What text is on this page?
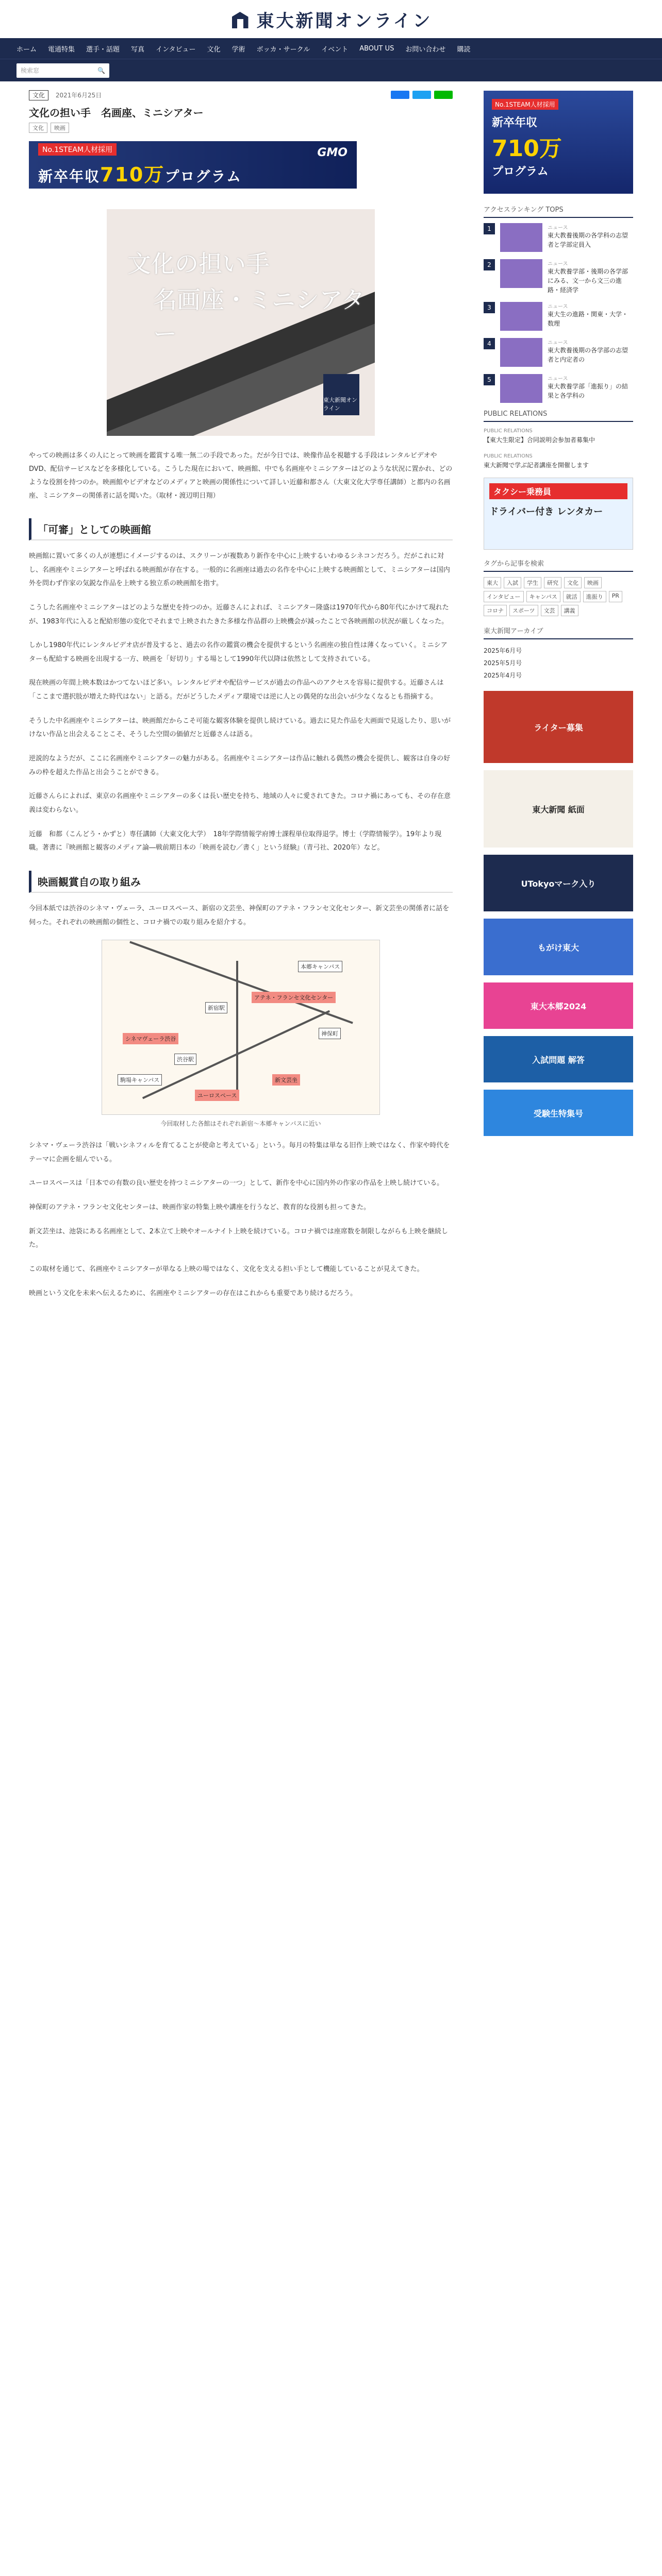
東大新聞オンライン
ホーム 電通特集 選手・話題 写真 インタビュー 文化 学術 ボッカ・サークル イベント ABOUT US お問い合わせ 購読
検索窓	🔍
文化 2021年6月25日
文化の担い手　名画座、ミニシアター
文化	映画
No.1STEAM人材採用
新卒年収710万プログラム
GMO
文化の担い手
名画座・ミニシアター
東大新聞オンライン
やっての映画は多くの人にとって映画を鑑賞する唯一無二の手段であった。だが今日では、映像作品を視聴する手段はレンタルビデオやDVD、配信サービスなどを多様化している。こうした現在において、映画館、中でも名画座やミニシアターはどのような状況に置かれ、どのような役割を持つのか。映画館やビデオなどのメディアと映画の関係性について詳しい近藤和都さん（大東文化大学専任講師）と都内の名画座、ミニシアターの関係者に話を聞いた。（取材・渡辺明日翔）
「可審」としての映画館
映画館に置いて多くの人が連想にイメージするのは、スクリーンが複数あり新作を中心に上映するいわゆるシネコンだろう。だがこれに対し、名画座やミニシアターと呼ばれる映画館が存在する。一般的に名画座は過去の名作を中心に上映する映画館として、ミニシアターは国内外を問わず作家の気鋭な作品を上映する独立系の映画館を指す。
こうした名画座やミニシアターはどのような歴史を持つのか。近藤さんによれば、ミニシアター隆盛は1970年代から80年代にかけて現れたが、1983年代に入ると配給形態の変化でそれまで上映されたきた多様な作品群の上映機会が減ったことで各映画館の状況が厳しくなった。
しかし1980年代にレンタルビデオ店が普及すると、過去の名作の鑑賞の機会を提供するという名画座の独自性は薄くなっていく。ミニシアターも配給する映画を出現する一方、映画を「好切り」する場として1990年代以降は依然として支持されている。
現在映画の年間上映本数はかつてないほど多い。レンタルビデオや配信サービスが過去の作品へのアクセスを容易に提供する。近藤さんは「ここまで選択肢が増えた時代はない」と語る。だがどうしたメディア環境では逆に人との偶発的な出会いが少なくなるとも指摘する。
そうした中名画座やミニシアターは、映画館だからこそ可能な観客体験を提供し続けている。過去に見た作品を大画面で見返したり、思いがけない作品と出会えることこそ、そうした空間の価値だと近藤さんは語る。
逆説的なようだが、ここに名画座やミニシアターの魅力がある。名画座やミニシアターは作品に触れる偶然の機会を提供し、観客は自身の好みの枠を超えた作品と出会うことができる。
近藤さんらによれば、東京の名画座やミニシアターの多くは長い歴史を持ち、地域の人々に愛されてきた。コロナ禍にあっても、その存在意義は変わらない。
近藤　和都（こんどう・かずと）専任講師（大東文化大学）　18年学際情報学府博士課程単位取得退学。博士（学際情報学）。19年より現職。著書に『映画館と観客のメディア論―戦前期日本の「映画を読む／書く」という経験』（青弓社、2020年）など。
映画観賞自の取り組み
今回本紙では渋谷のシネマ・ヴェーラ、ユーロスペース、新宿の文芸坐、神保町のアテネ・フランセ文化センター、新文芸坐の関係者に話を伺った。それぞれの映画館の個性と、コロナ禍での取り組みを紹介する。
新宿駅
本郷キャンパス
駒場キャンパス
渋谷駅
アテネ・フランセ文化センター
新文芸坐
シネマヴェーラ渋谷
ユーロスペース
神保町
今回取材した各館はそれぞれ新宿～本郷キャンパスに近い
シネマ・ヴェーラ渋谷は「戦いシネフィルを育てることが使命と考えている」という。毎月の特集は単なる旧作上映ではなく、作家や時代をテーマに企画を組んでいる。
ユーロスペースは「日本での有数の良い歴史を持つミニシアターの一つ」として、新作を中心に国内外の作家の作品を上映し続けている。
神保町のアテネ・フランセ文化センターは、映画作家の特集上映や講座を行うなど、教育的な役割も担ってきた。
新文芸坐は、池袋にある名画座として、2本立て上映やオールナイト上映を続けている。コロナ禍では座席数を制限しながらも上映を継続した。
この取材を通じて、名画座やミニシアターが単なる上映の場ではなく、文化を支える担い手として機能していることが見えてきた。
映画という文化を未来へ伝えるために、名画座やミニシアターの存在はこれからも重要であり続けるだろう。
No.1STEAM人材採用
新卒年収
710万
プログラム
アクセスランキング TOPS
1	ニュース
東大教養後期の各学科の志望者と学部定員入
2	ニュース
東大教養学部・後期の各学部にみる、文一から文三の進路・経済学
3	ニュース
東大生の進路・関東・大学・数理
4	ニュース
東大教養後期の各学部の志望者と内定者の
5	ニュース
東大教養学部「進振り」の結果と各学科の
PUBLIC RELATIONS
PUBLIC RELATIONS
【東大生限定】合同説明会参加者募集中
PUBLIC RELATIONS
東大新聞で学ぶ記者講座を開催します
タクシー乗務員
ドライバー付き レンタカー
タグから記事を検索
東大	入試	学生	研究	文化	映画
インタビュー	キャンパス	就活	進振り	PR
コロナ	スポーツ	文芸	講義
東大新聞アーカイブ
2025年6月号
2025年5月号
2025年4月号
ライター募集
東大新聞 紙面
UTokyoマーク入り
もがけ東大
東大本郷2024
入試問題 解答
受験生特集号
